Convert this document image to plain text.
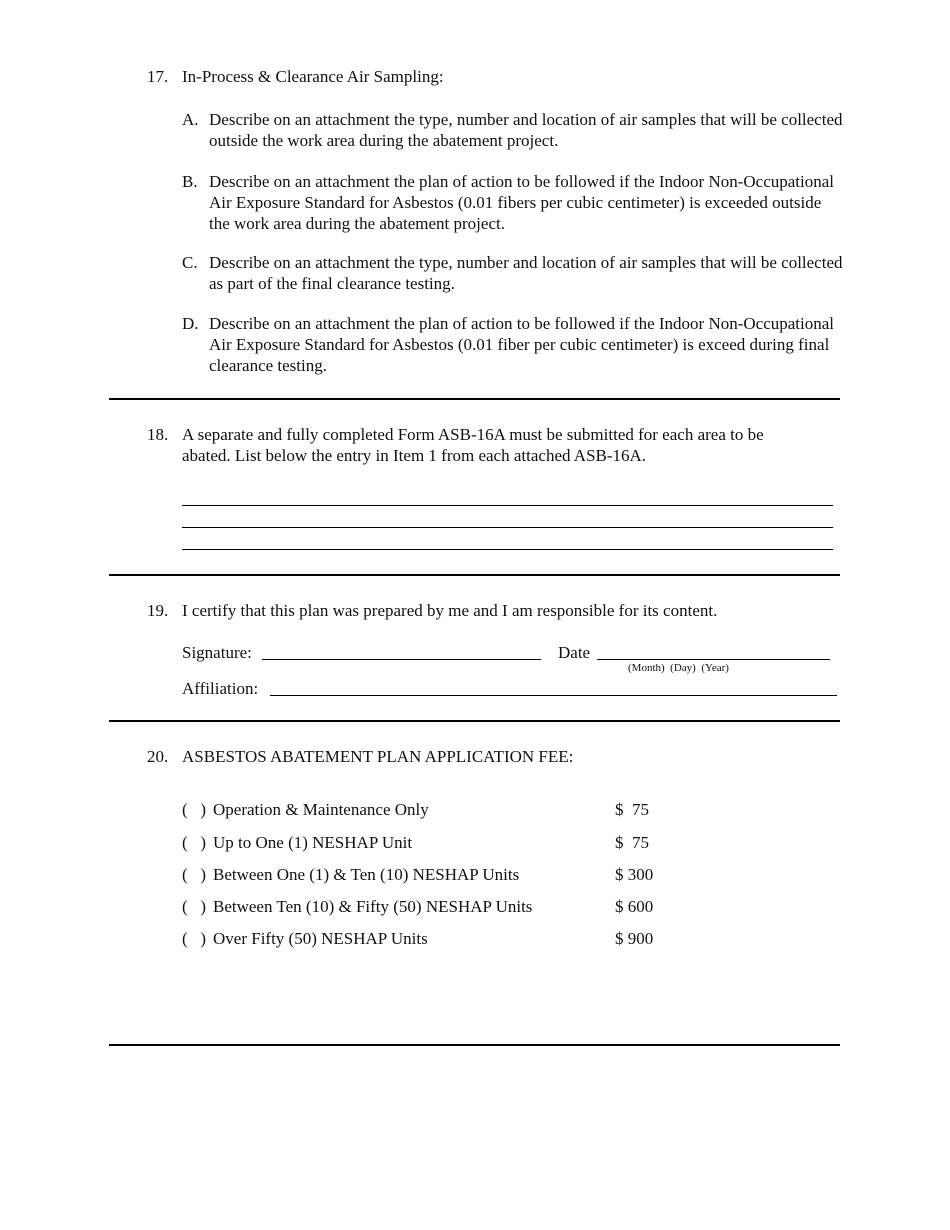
17. In-Process & Clearance Air Sampling:
A. Describe on an attachment the type, number and location of air samples that will be collected outside the work area during the abatement project.
B. Describe on an attachment the plan of action to be followed if the Indoor Non-Occupational Air Exposure Standard for Asbestos (0.01 fibers per cubic centimeter) is exceeded outside the work area during the abatement project.
C. Describe on an attachment the type, number and location of air samples that will be collected as part of the final clearance testing.
D. Describe on an attachment the plan of action to be followed if the Indoor Non-Occupational Air Exposure Standard for Asbestos (0.01 fiber per cubic centimeter) is exceed during final clearance testing.
18. A separate and fully completed Form ASB-16A must be submitted for each area to be
abated. List below the entry in Item 1 from each attached ASB-16A.
19. I certify that this plan was prepared by me and I am responsible for its content.
Signature:	Date
(Month)  (Day)  (Year)
Affiliation:
20. ASBESTOS ABATEMENT PLAN APPLICATION FEE:
(   ) Operation & Maintenance Only	$  75
(   ) Up to One (1) NESHAP Unit	$  75
(   ) Between One (1) & Ten (10) NESHAP Units	$ 300
(   ) Between Ten (10) & Fifty (50) NESHAP Units	$ 600
(   ) Over Fifty (50) NESHAP Units	$ 900
